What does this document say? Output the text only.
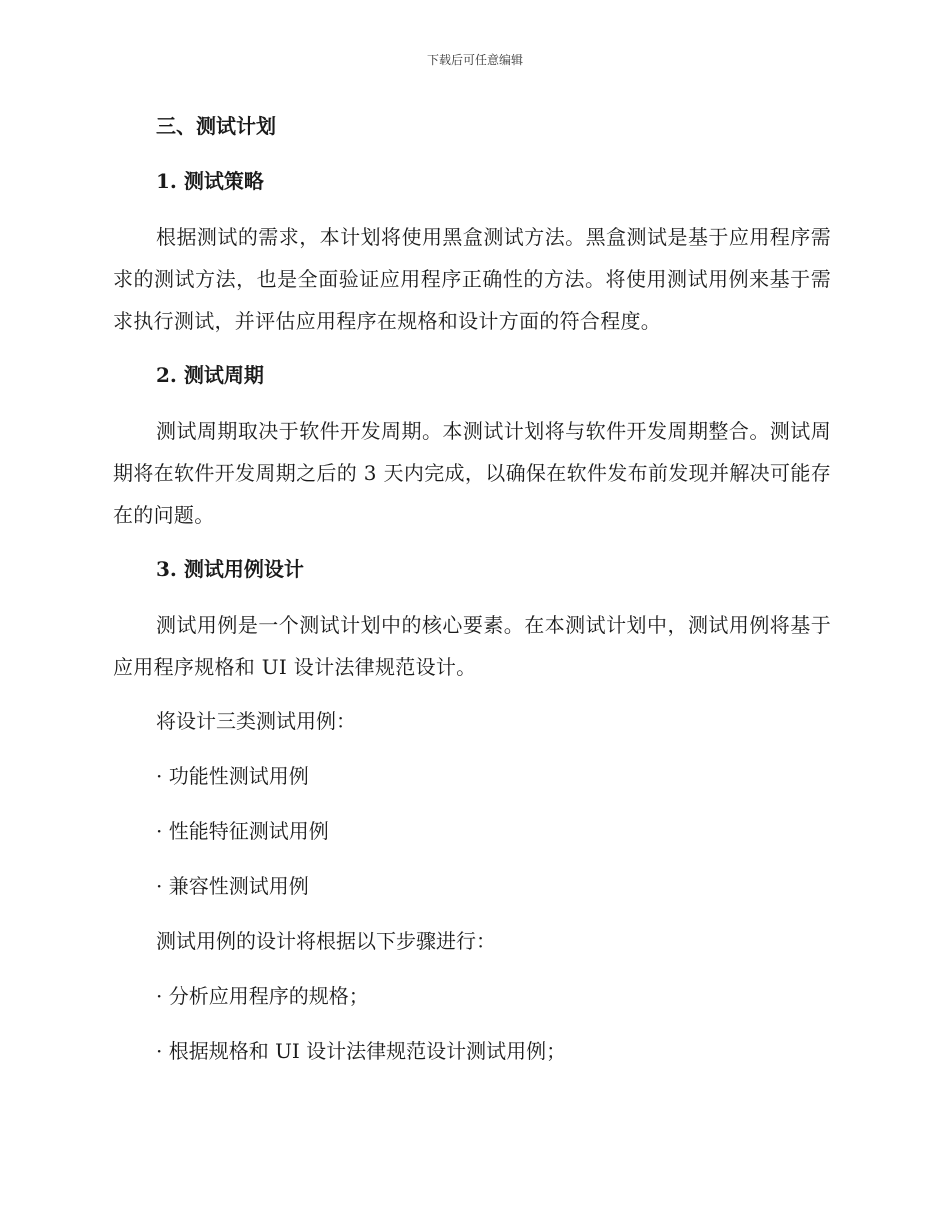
下载后可任意编辑
三、测试计划
1. 测试策略

根据测试的需求，本计划将使用黑盒测试方法。黑盒测试是基于应用程序需求的测试方法，也是全面验证应用程序正确性的方法。将使用测试用例来基于需求执行测试，并评估应用程序在规格和设计方面的符合程度。

2. 测试周期

测试周期取决于软件开发周期。本测试计划将与软件开发周期整合。测试周期将在软件开发周期之后的 3 天内完成，以确保在软件发布前发现并解决可能存在的问题。

3. 测试用例设计

测试用例是一个测试计划中的核心要素。在本测试计划中，测试用例将基于应用程序规格和 UI 设计法律规范设计。

将设计三类测试用例：
· 功能性测试用例
· 性能特征测试用例
· 兼容性测试用例
测试用例的设计将根据以下步骤进行：
· 分析应用程序的规格；
· 根据规格和 UI 设计法律规范设计测试用例；
